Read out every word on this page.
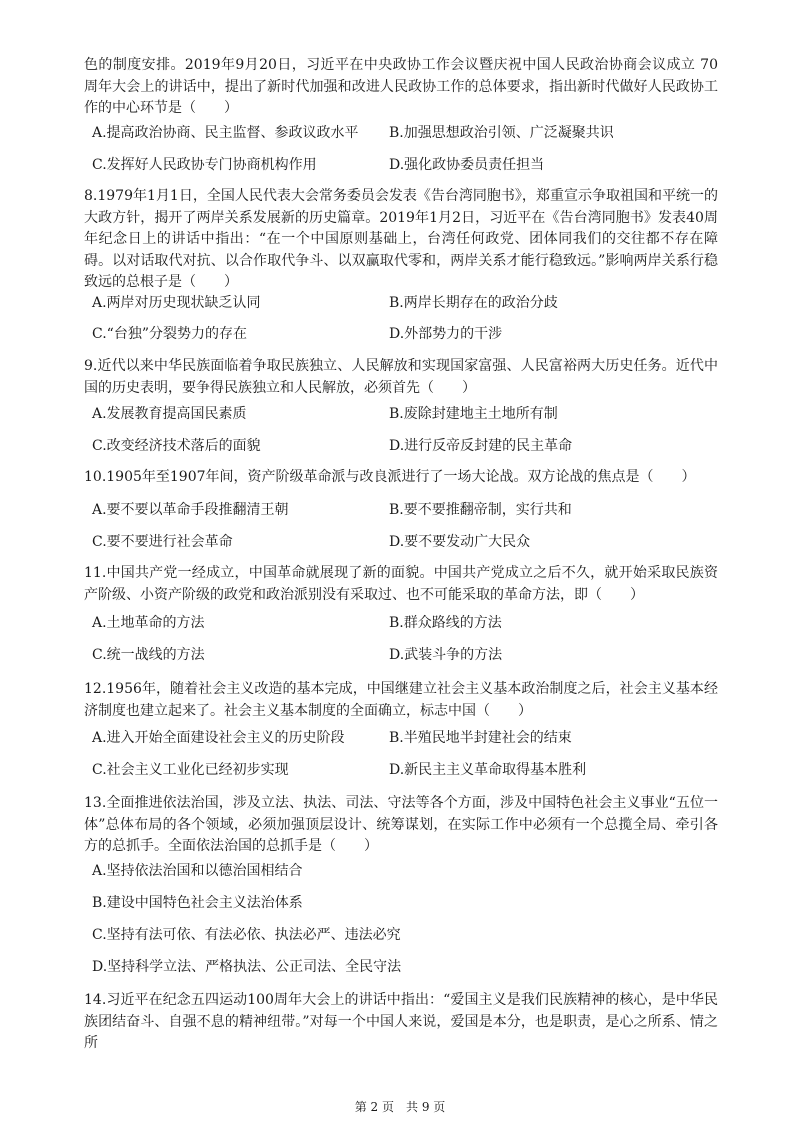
色的制度安排。2019年9月20日，习近平在中央政协工作会议暨庆祝中国人民政治协商会议成立 70 周年大会上的讲话中，提出了新时代加强和改进人民政协工作的总体要求，指出新时代做好人民政协工作的中心环节是（　　）

A.提高政治协商、民主监督、参政议政水平 B.加强思想政治引领、广泛凝聚共识
C.发挥好人民政协专门协商机构作用	D.强化政协委员责任担当

8.1979年1月1日，全国人民代表大会常务委员会发表《告台湾同胞书》，郑重宣示争取祖国和平统一的大政方针，揭开了两岸关系发展新的历史篇章。2019年1月2日，习近平在《告台湾同胞书》发表40周年纪念日上的讲话中指出：“在一个中国原则基础上，台湾任何政党、团体同我们的交往都不存在障碍。以对话取代对抗、以合作取代争斗、以双赢取代零和，两岸关系才能行稳致远。”影响两岸关系行稳致远的总根子是（　　）

A.两岸对历史现状缺乏认同	B.两岸长期存在的政治分歧
C.“台独”分裂势力的存在	D.外部势力的干涉

9.近代以来中华民族面临着争取民族独立、人民解放和实现国家富强、人民富裕两大历史任务。近代中国的历史表明，要争得民族独立和人民解放，必须首先（　　）

A.发展教育提高国民素质	B.废除封建地主土地所有制
C.改变经济技术落后的面貌	D.进行反帝反封建的民主革命

10.1905年至1907年间，资产阶级革命派与改良派进行了一场大论战。双方论战的焦点是（　　）

A.要不要以革命手段推翻清王朝	B.要不要推翻帝制，实行共和
C.要不要进行社会革命	D.要不要发动广大民众

11.中国共产党一经成立，中国革命就展现了新的面貌。中国共产党成立之后不久，就开始采取民族资产阶级、小资产阶级的政党和政治派别没有采取过、也不可能采取的革命方法，即（　　）

A.土地革命的方法	B.群众路线的方法
C.统一战线的方法	D.武装斗争的方法

12.1956年，随着社会主义改造的基本完成，中国继建立社会主义基本政治制度之后，社会主义基本经济制度也建立起来了。社会主义基本制度的全面确立，标志中国（　　）

A.进入开始全面建设社会主义的历史阶段	B.半殖民地半封建社会的结束
C.社会主义工业化已经初步实现	D.新民主主义革命取得基本胜利

13.全面推进依法治国，涉及立法、执法、司法、守法等各个方面，涉及中国特色社会主义事业“五位一体”总体布局的各个领域，必须加强顶层设计、统筹谋划，在实际工作中必须有一个总揽全局、牵引各方的总抓手。全面依法治国的总抓手是（　　）

A.坚持依法治国和以德治国相结合
B.建设中国特色社会主义法治体系
C.坚持有法可依、有法必依、执法必严、违法必究
D.坚持科学立法、严格执法、公正司法、全民守法

14.习近平在纪念五四运动100周年大会上的讲话中指出：“爱国主义是我们民族精神的核心，是中华民族团结奋斗、自强不息的精神纽带。”对每一个中国人来说，爱国是本分，也是职责，是心之所系、情之所

第 2 页　共 9 页
